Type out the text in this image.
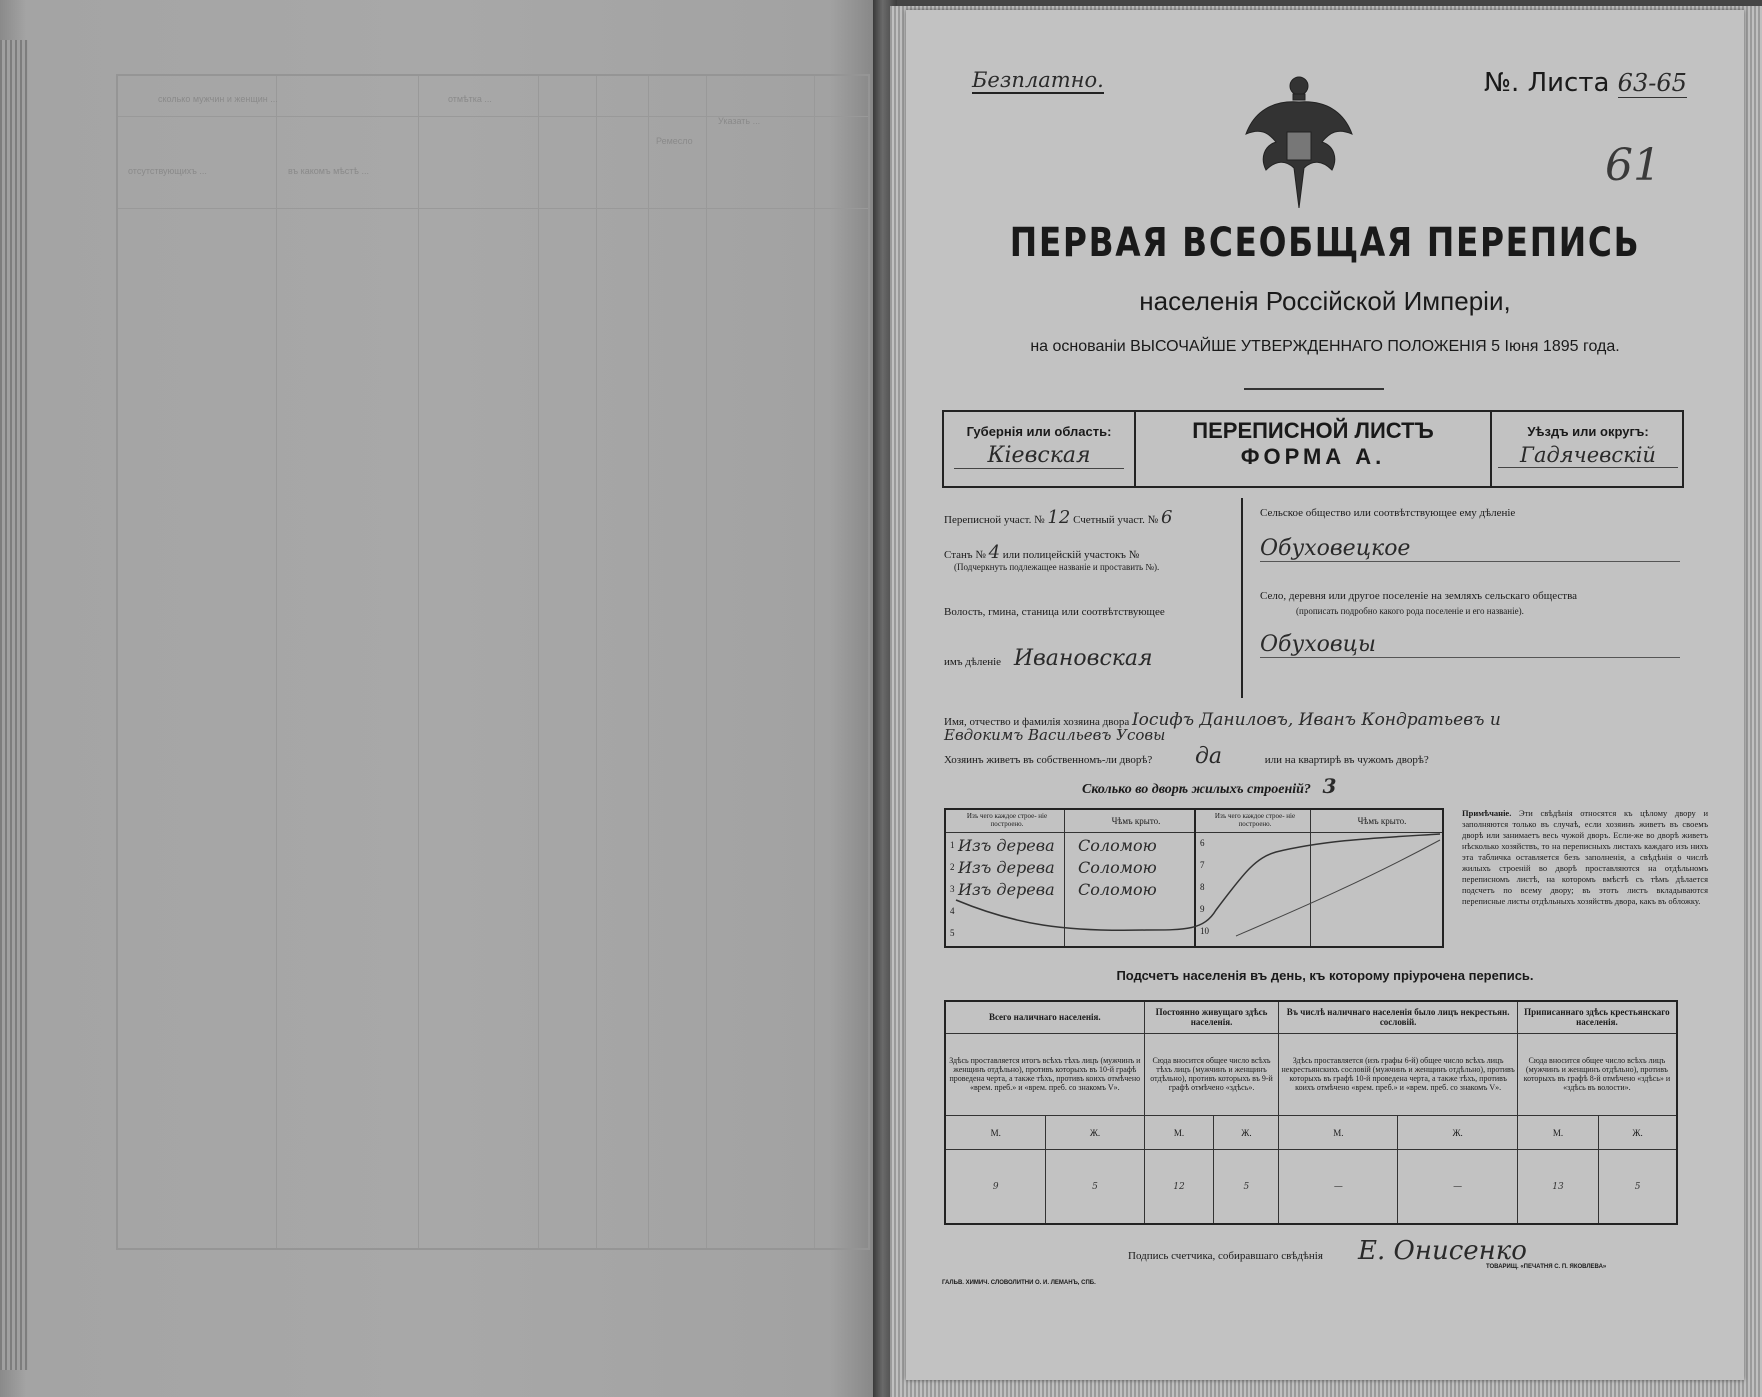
сколько мужчин и женщин ...	отмѣтка ...
Ремесло
Указать ...
въ какомъ мѣстѣ ...
отсутствующихъ ...
Безплатно.	№. Листа 63-65
61
ПЕРВАЯ ВСЕОБЩАЯ ПЕРЕПИСЬ
населенія Россійской Имперіи,
на основаніи ВЫСОЧАЙШЕ УТВЕРЖДЕННАГО ПОЛОЖЕНІЯ 5 Іюня 1895 года.
Губернія или область:
Кіевская
ПЕРЕПИСНОЙ ЛИСТЪ
ФОРМА А.
Уѣздъ или округъ:
Гадячевскій
Переписной участ. № 12 Счетный участ. № 6
Станъ № 4 или полицейскій участокъ №
(Подчеркнуть подлежащее названіе и проставить №).
Волость, гмина, станица или соотвѣтствующее
имъ дѣленіе Ивановская
Сельское общество или соотвѣтствующее ему дѣленіе
Обуховецкое
Село, деревня или другое поселеніе на земляхъ сельскаго общества
(прописать подробно какого рода поселеніе и его названіе).
Обуховцы
Имя, отчество и фамилія хозяина двора Іосифъ Даниловъ, Иванъ Кондратьевъ и
Евдокимъ Васильевъ Усовы
Хозяинъ живетъ въ собственномъ-ли дворѣ? да	или на квартирѣ въ чужомъ дворѣ?
Сколько во дворѣ жилыхъ строеній? 3
Изъ чего каждое строе- ніе построено.	Чѣмъ крыто.
1 Изъ дерева Соломою
2 Изъ дерева Соломою
3 Изъ дерева Соломою
4
5
Изъ чего каждое строе- ніе построено.	Чѣмъ крыто.
6
7
8
9
10
Примѣчаніе. Эти свѣдѣнія относятся къ цѣлому двору и заполняются только въ случаѣ, если хозяинъ живетъ въ своемъ дворѣ или занимаетъ весь чужой дворъ. Если-же во дворѣ живетъ нѣсколько хозяйствъ, то на переписныхъ листахъ каждаго изъ нихъ эта табличка оставляется безъ заполненія, а свѣдѣнія о числѣ жилыхъ строеній во дворѣ проставляются на отдѣльномъ переписномъ листѣ, на которомъ вмѣстѣ съ тѣмъ дѣлается подсчетъ по всему двору; въ этотъ листъ вкладываются переписные листы отдѣльныхъ хозяйствъ двора, какъ въ обложку.
Подсчетъ населенія въ день, къ которому пріурочена перепись.
Всего наличнаго населенія.		Постоянно живущаго здѣсь населенія.		Въ числѣ наличнаго населенія было лицъ некрестьян. сословій.		Приписаннаго здѣсь крестьянскаго населенія.	
Здѣсь проставляется итогъ всѣхъ тѣхъ лицъ (мужчинъ и женщинъ отдѣльно), противъ которыхъ въ 10-й графѣ проведена черта, а также тѣхъ, противъ коихъ отмѣчено «врем. преб.» и «врем. преб. со знакомъ V».		Сюда вносится общее число всѣхъ тѣхъ лицъ (мужчинъ и женщинъ отдѣльно), противъ которыхъ въ 9-й графѣ отмѣчено «здѣсь».		Здѣсь проставляется (изъ графы 6-й) общее число всѣхъ лицъ некрестьянскихъ сословій (мужчинъ и женщинъ отдѣльно), противъ которыхъ въ графѣ 10-й проведена черта, а также тѣхъ, противъ коихъ отмѣчено «врем. преб.» и «врем. преб. со знакомъ V».		Сюда вносится общее число всѣхъ лицъ (мужчинъ и женщинъ отдѣльно), противъ которыхъ въ графѣ 8-й отмѣчено «здѣсь» и «здѣсь въ волости».	
М.	Ж.	М.	Ж.	М.	Ж.	М.	Ж.
9	5	12	5	—	—	13	5
Подпись счетчика, собиравшаго свѣдѣнія Е. Онисенко
ГАЛЬВ. ХИМИЧ. СЛОВОЛИТНИ О. И. ЛЕМАНЪ, СПБ.
ТОВАРИЩ. «ПЕЧАТНЯ С. П. ЯКОВЛЕВА»
